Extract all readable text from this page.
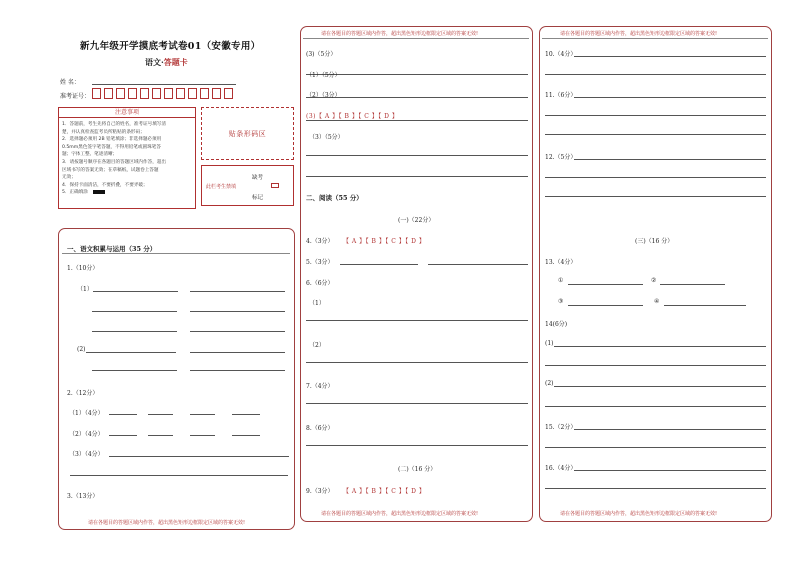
新九年级开学摸底考试卷01（安徽专用）
语文·答题卡
姓 名：
准考证号：
注意事项
1．答题前，考生先将自己的姓名，准考证号填写清
楚，并认真检查监考员所粘贴的条形码；
2．选择题必须用 2B 铅笔填涂；非选择题必须用
0.5mm黑色签字笔答题，不得用铅笔或圆珠笔答
题；字体工整、笔迹清晰；
3．请按题号顺序在各题目的答题区域内作答，超出
区域书写的答案无效；在草稿纸，试题卷上答题
无效；
4．保持卡面清洁，不要折叠，不要弄破；
5．正确填涂
贴条形码区
此栏考生禁填
缺考
标记
一、语文积累与运用（35 分）
1.（10分）
（1）
(2)
2.（12分）
（1）（4分）
（2）（4分）
（3）（4分）
3.（13分）
请在各题目的答题区域内作答，超出黑色矩形边框限定区域的答案无效!
请在各题目的答题区域内作答，超出黑色矩形边框限定区域的答案无效!
(3)（5分）
（1）（5分）
（2）（3分）
(3)【 A 】【 B 】【 C 】【 D 】
（3）（5分）
二、阅读（55 分）
(一)（22分）
4.（3分） 【 A 】【 B 】【 C 】【 D 】
5.（3分）
6.（6分）
（1）
（2）
7.（4分）
8.（6分）
(二)（16 分）
9.（3分） 【 A 】【 B 】【 C 】【 D 】
请在各题目的答题区域内作答，超出黑色矩形边框限定区域的答案无效!
请在各题目的答题区域内作答，超出黑色矩形边框限定区域的答案无效!
10.（4分）
11.（6分）
12.（5分）
(三)（16 分）
13.（4分）
①	②
③	④
14(6分)
(1)
(2)
15.（2分）
16.（4分）
请在各题目的答题区域内作答，超出黑色矩形边框限定区域的答案无效!
